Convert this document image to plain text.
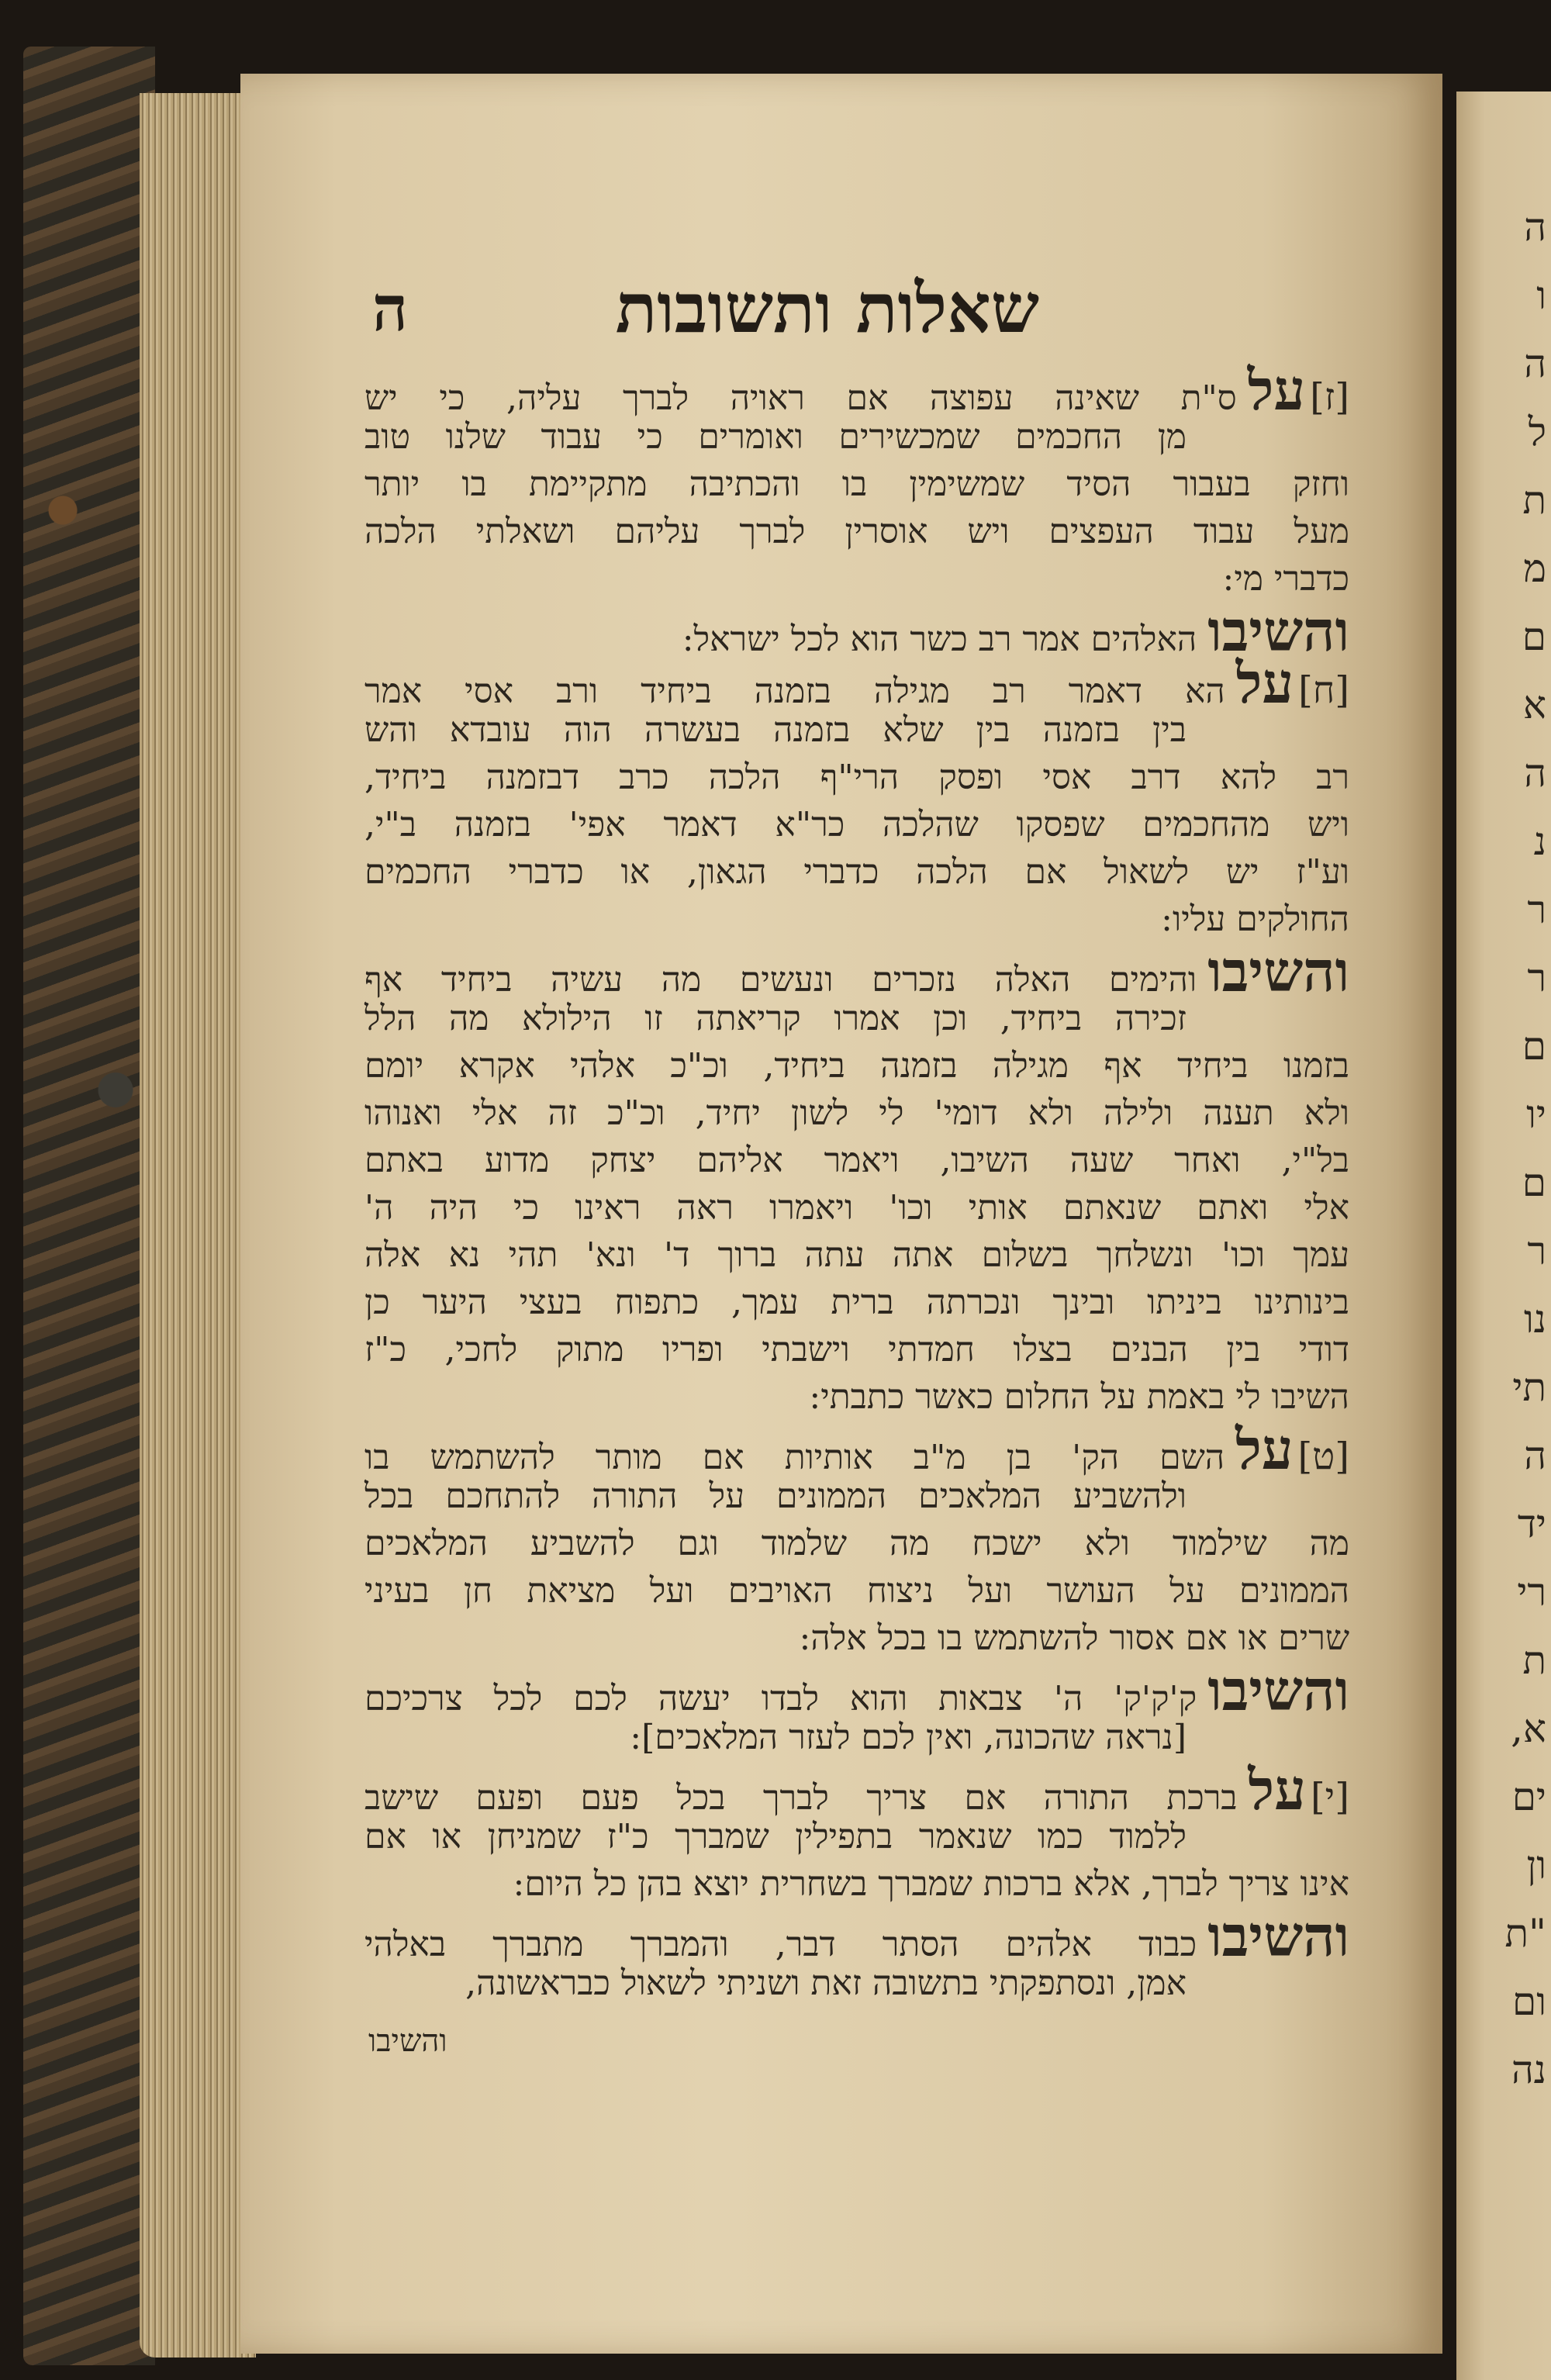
ה
ו
ה
ל
ת
מ
ם
א
ה
נ
ר
ר
ם
יו
ם
ר
נו
תי
ה
יד
רי
ת
א,
ים
ון
"ת
ום
נה
שאלות ותשובות
ה
[ז]עלס"ת שאינה עפוצה אם ראויה לברך עליה, כי יש
מן החכמים שמכשירים ואומרים כי עבוד שלנו טוב
וחזק בעבור הסיד שמשימין בו והכתיבה מתקיימת בו יותר
מעל עבוד העפצים ויש אוסרין לברך עליהם ושאלתי הלכה
כדברי מי:
והשיבוהאלהים אמר רב כשר הוא לכל ישראל:
[ח]עלהא דאמר רב מגילה בזמנה ביחיד ורב אסי אמר
בין בזמנה בין שלא בזמנה בעשרה הוה עובדא והש
רב להא דרב אסי ופסק הרי"ף הלכה כרב דבזמנה ביחיד,
ויש מהחכמים שפסקו שהלכה כר"א דאמר אפי' בזמנה ב"י,
וע"ז יש לשאול אם הלכה כדברי הגאון, או כדברי החכמים
החולקים עליו:
והשיבווהימים האלה נזכרים ונעשים מה עשיה ביחיד אף
זכירה ביחיד, וכן אמרו קריאתה זו הילולא מה הלל
בזמנו ביחיד אף מגילה בזמנה ביחיד, וכ"כ אלהי אקרא יומם
ולא תענה ולילה ולא דומי' לי לשון יחיד, וכ"כ זה אלי ואנוהו
בל"י, ואחר שעה השיבו, ויאמר אליהם יצחק מדוע באתם
אלי ואתם שנאתם אותי וכו' ויאמרו ראה ראינו כי היה ה'
עמך וכו' ונשלחך בשלום אתה עתה ברוך ד' ונא' תהי נא אלה
בינותינו ביניתו ובינך ונכרתה ברית עמך, כתפוח בעצי היער כן
דודי בין הבנים בצלו חמדתי וישבתי ופריו מתוק לחכי, כ"ז
השיבו לי באמת על החלום כאשר כתבתי:
[ט]עלהשם הק' בן מ"ב אותיות אם מותר להשתמש בו
ולהשביע המלאכים הממונים על התורה להתחכם בכל
מה שילמוד ולא ישכח מה שלמוד וגם להשביע המלאכים
הממונים על העושר ועל ניצוח האויבים ועל מציאת חן בעיני
שרים או אם אסור להשתמש בו בכל אלה:
והשיבוק'ק'ק' ה' צבאות והוא לבדו יעשה לכם לכל צרכיכם
[נראה שהכונה, ואין לכם לעזר המלאכים]:
[י]עלברכת התורה אם צריך לברך בכל פעם ופעם שישב
ללמוד כמו שנאמר בתפילין שמברך כ"ז שמניחן או אם
אינו צריך לברך, אלא ברכות שמברך בשחרית יוצא בהן כל היום:
והשיבוכבוד אלהים הסתר דבר, והמברך מתברך באלהי
אמן, ונסתפקתי בתשובה זאת ושניתי לשאול כבראשונה,
והשיבו
